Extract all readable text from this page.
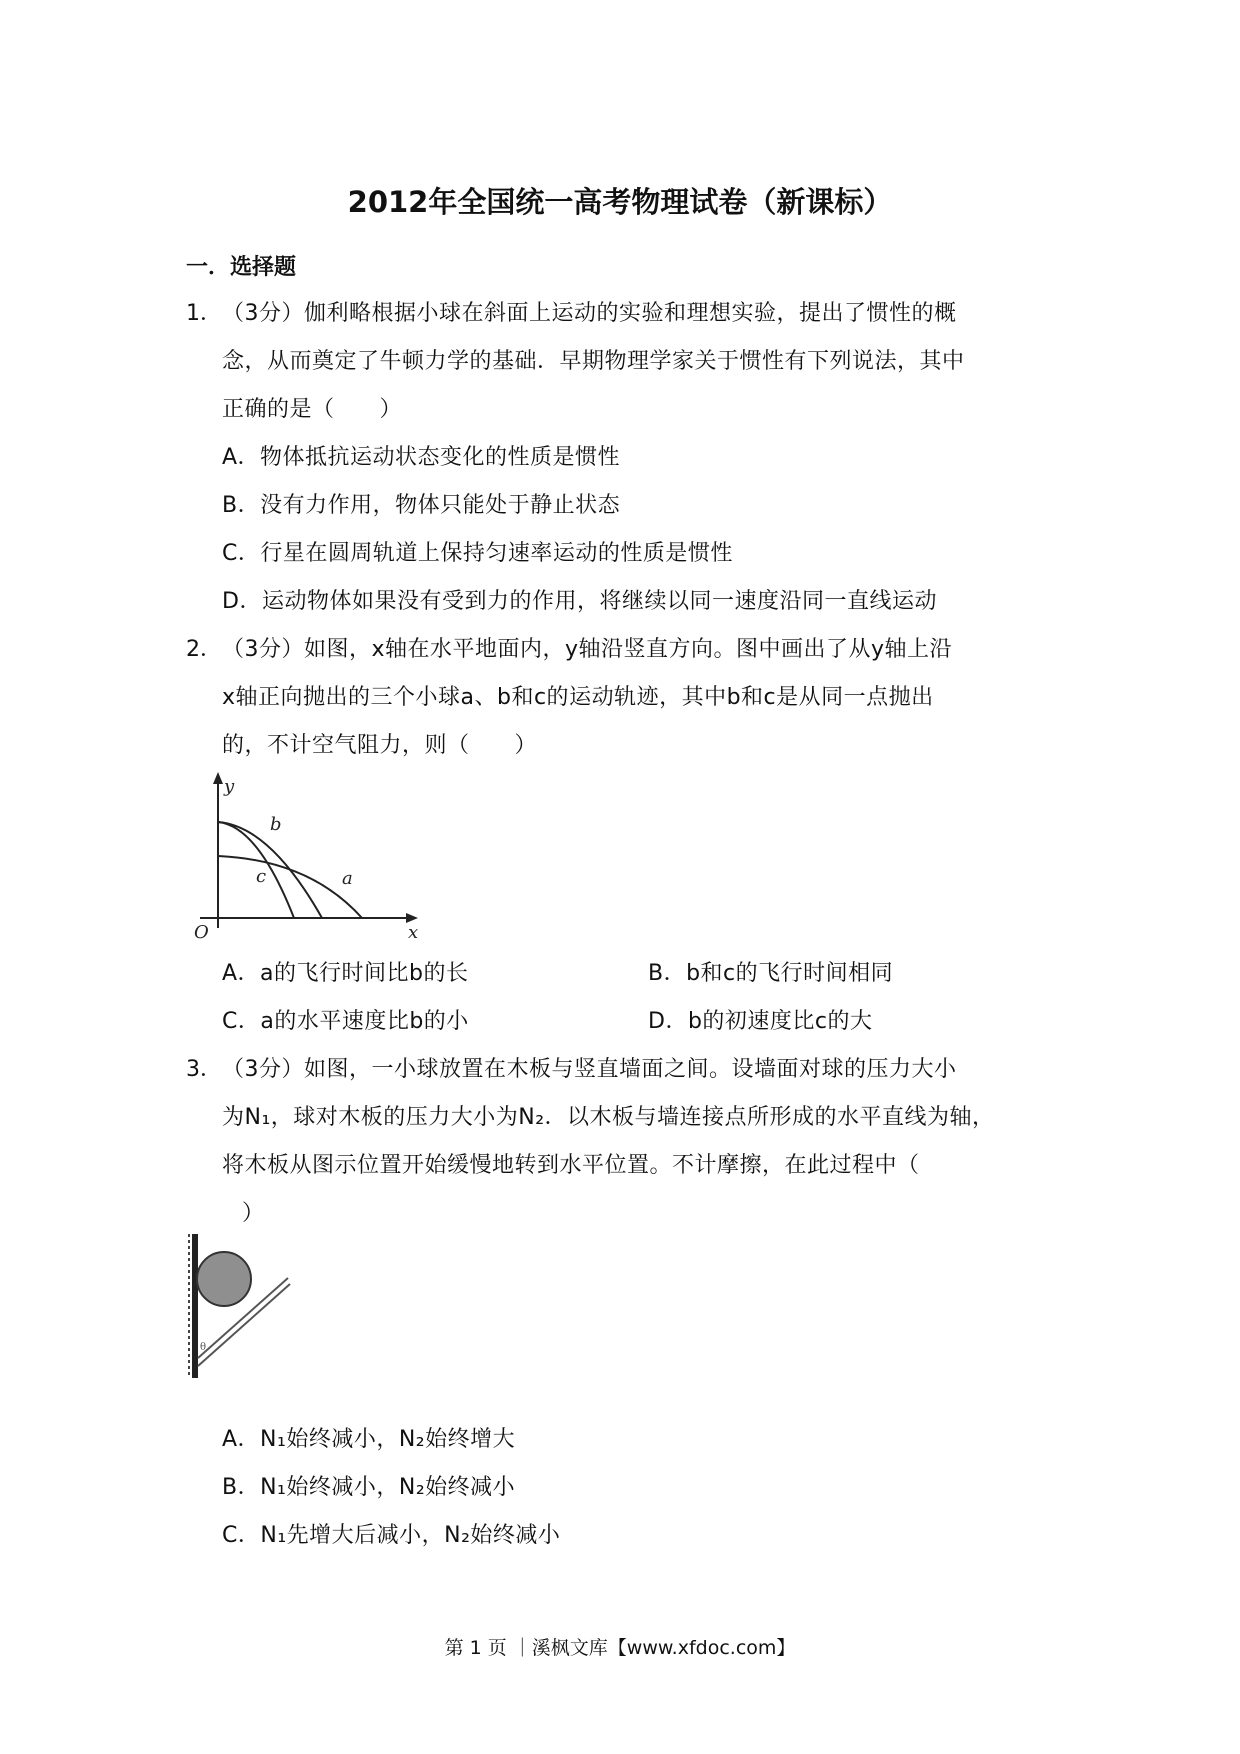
2012年全国统一高考物理试卷（新课标）
一．选择题
1． （3分）伽利略根据小球在斜面上运动的实验和理想实验，提出了惯性的概
念，从而奠定了牛顿力学的基础．早期物理学家关于惯性有下列说法，其中
正确的是（　　）
A．物体抵抗运动状态变化的性质是惯性
B．没有力作用，物体只能处于静止状态
C．行星在圆周轨道上保持匀速率运动的性质是惯性
D．运动物体如果没有受到力的作用，将继续以同一速度沿同一直线运动
2． （3分）如图，x轴在水平地面内，y轴沿竖直方向。图中画出了从y轴上沿
x轴正向抛出的三个小球a、b和c的运动轨迹，其中b和c是从同一点抛出
的，不计空气阻力，则（　　）
y
x
O
b
c	a
A．a的飞行时间比b的长	B．b和c的飞行时间相同
C．a的水平速度比b的小	D．b的初速度比c的大
3． （3分）如图，一小球放置在木板与竖直墙面之间。设墙面对球的压力大小
为N₁，球对木板的压力大小为N₂．以木板与墙连接点所形成的水平直线为轴，
将木板从图示位置开始缓慢地转到水平位置。不计摩擦，在此过程中（
）
θ
A．N₁始终减小，N₂始终增大
B．N₁始终减小，N₂始终减小
C．N₁先增大后减小，N₂始终减小
第 1 页 ｜溪枫文库【www.xfdoc.com】
